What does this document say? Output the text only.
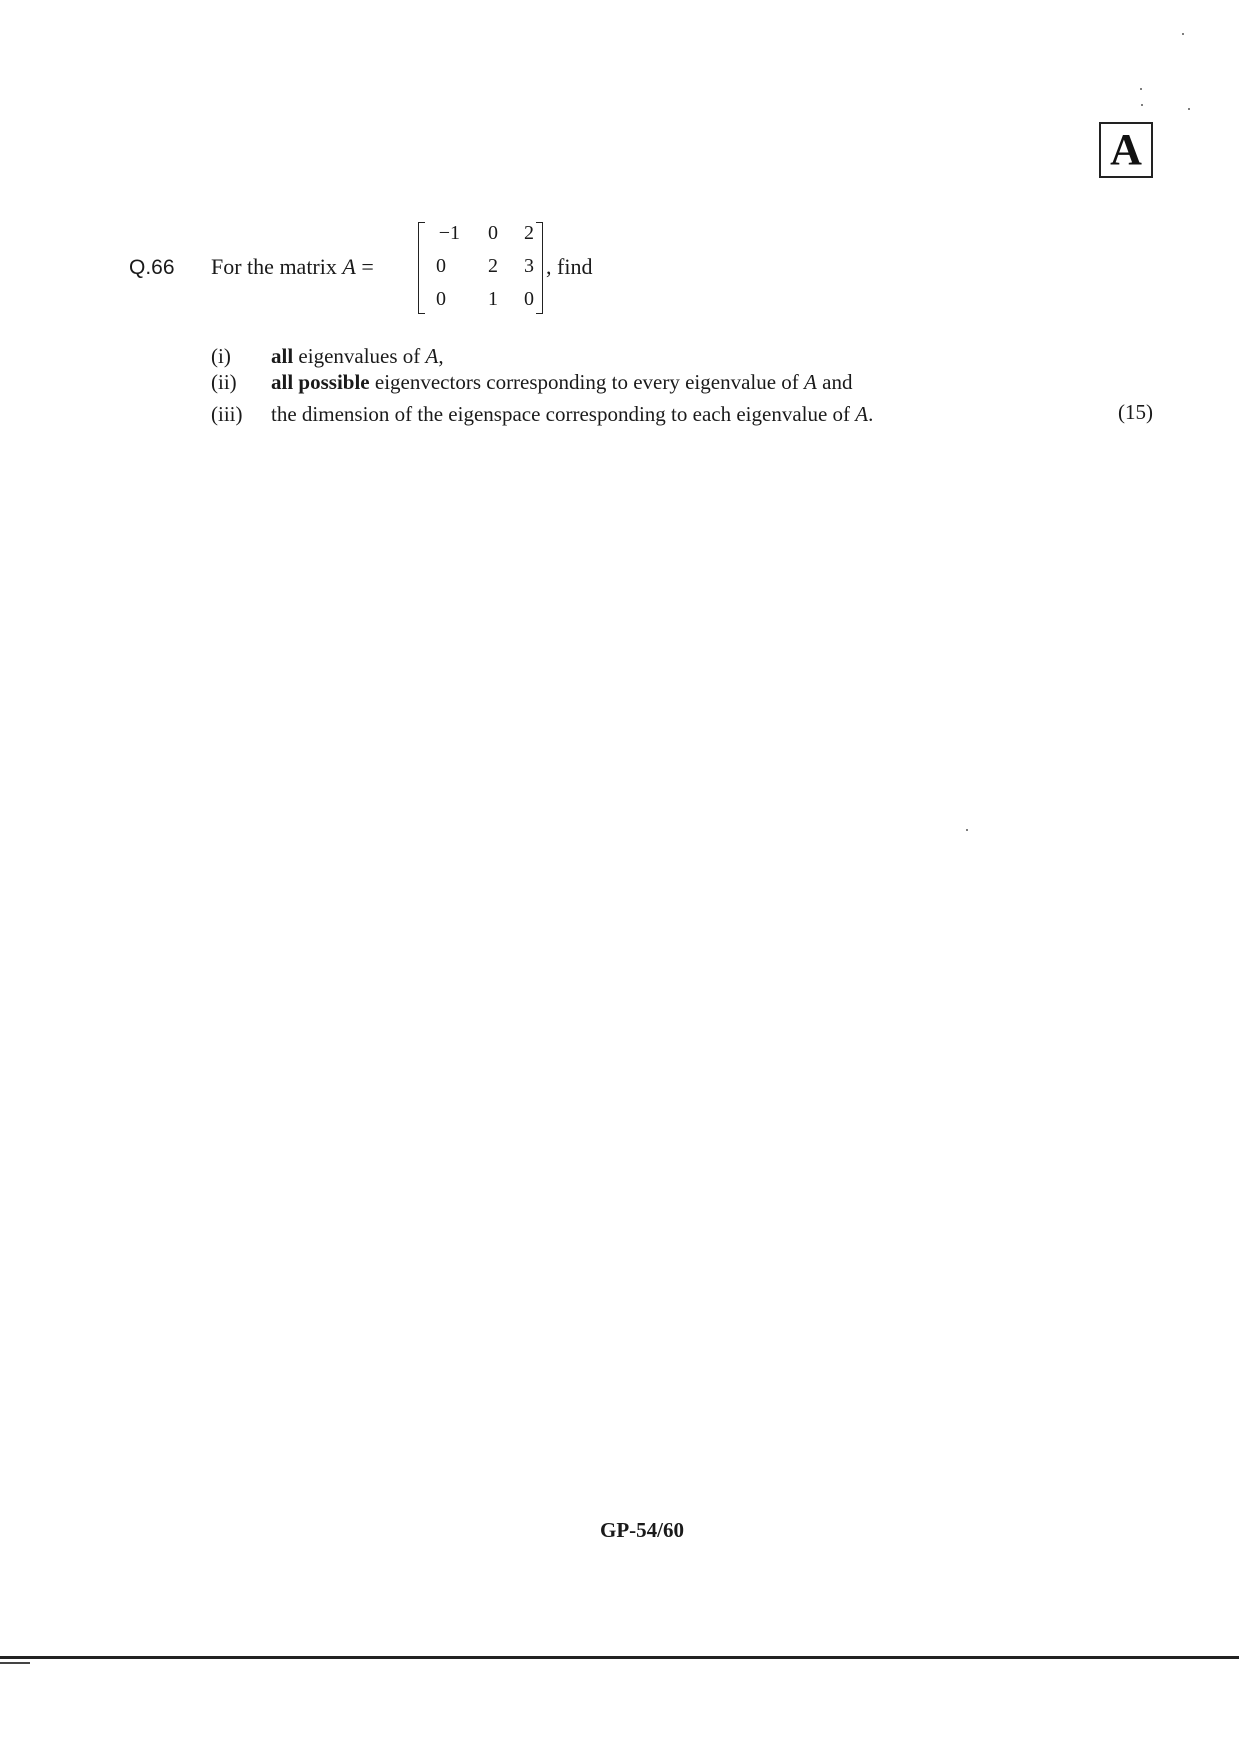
A
Q.66 For the matrix A =
−1	0	2
0	2	3
0	1	0
, find
(i) all eigenvalues of A,
(ii) all possible eigenvectors corresponding to every eigenvalue of A and
(iii) the dimension of the eigenspace corresponding to each eigenvalue of A.	(15)
GP-54/60
